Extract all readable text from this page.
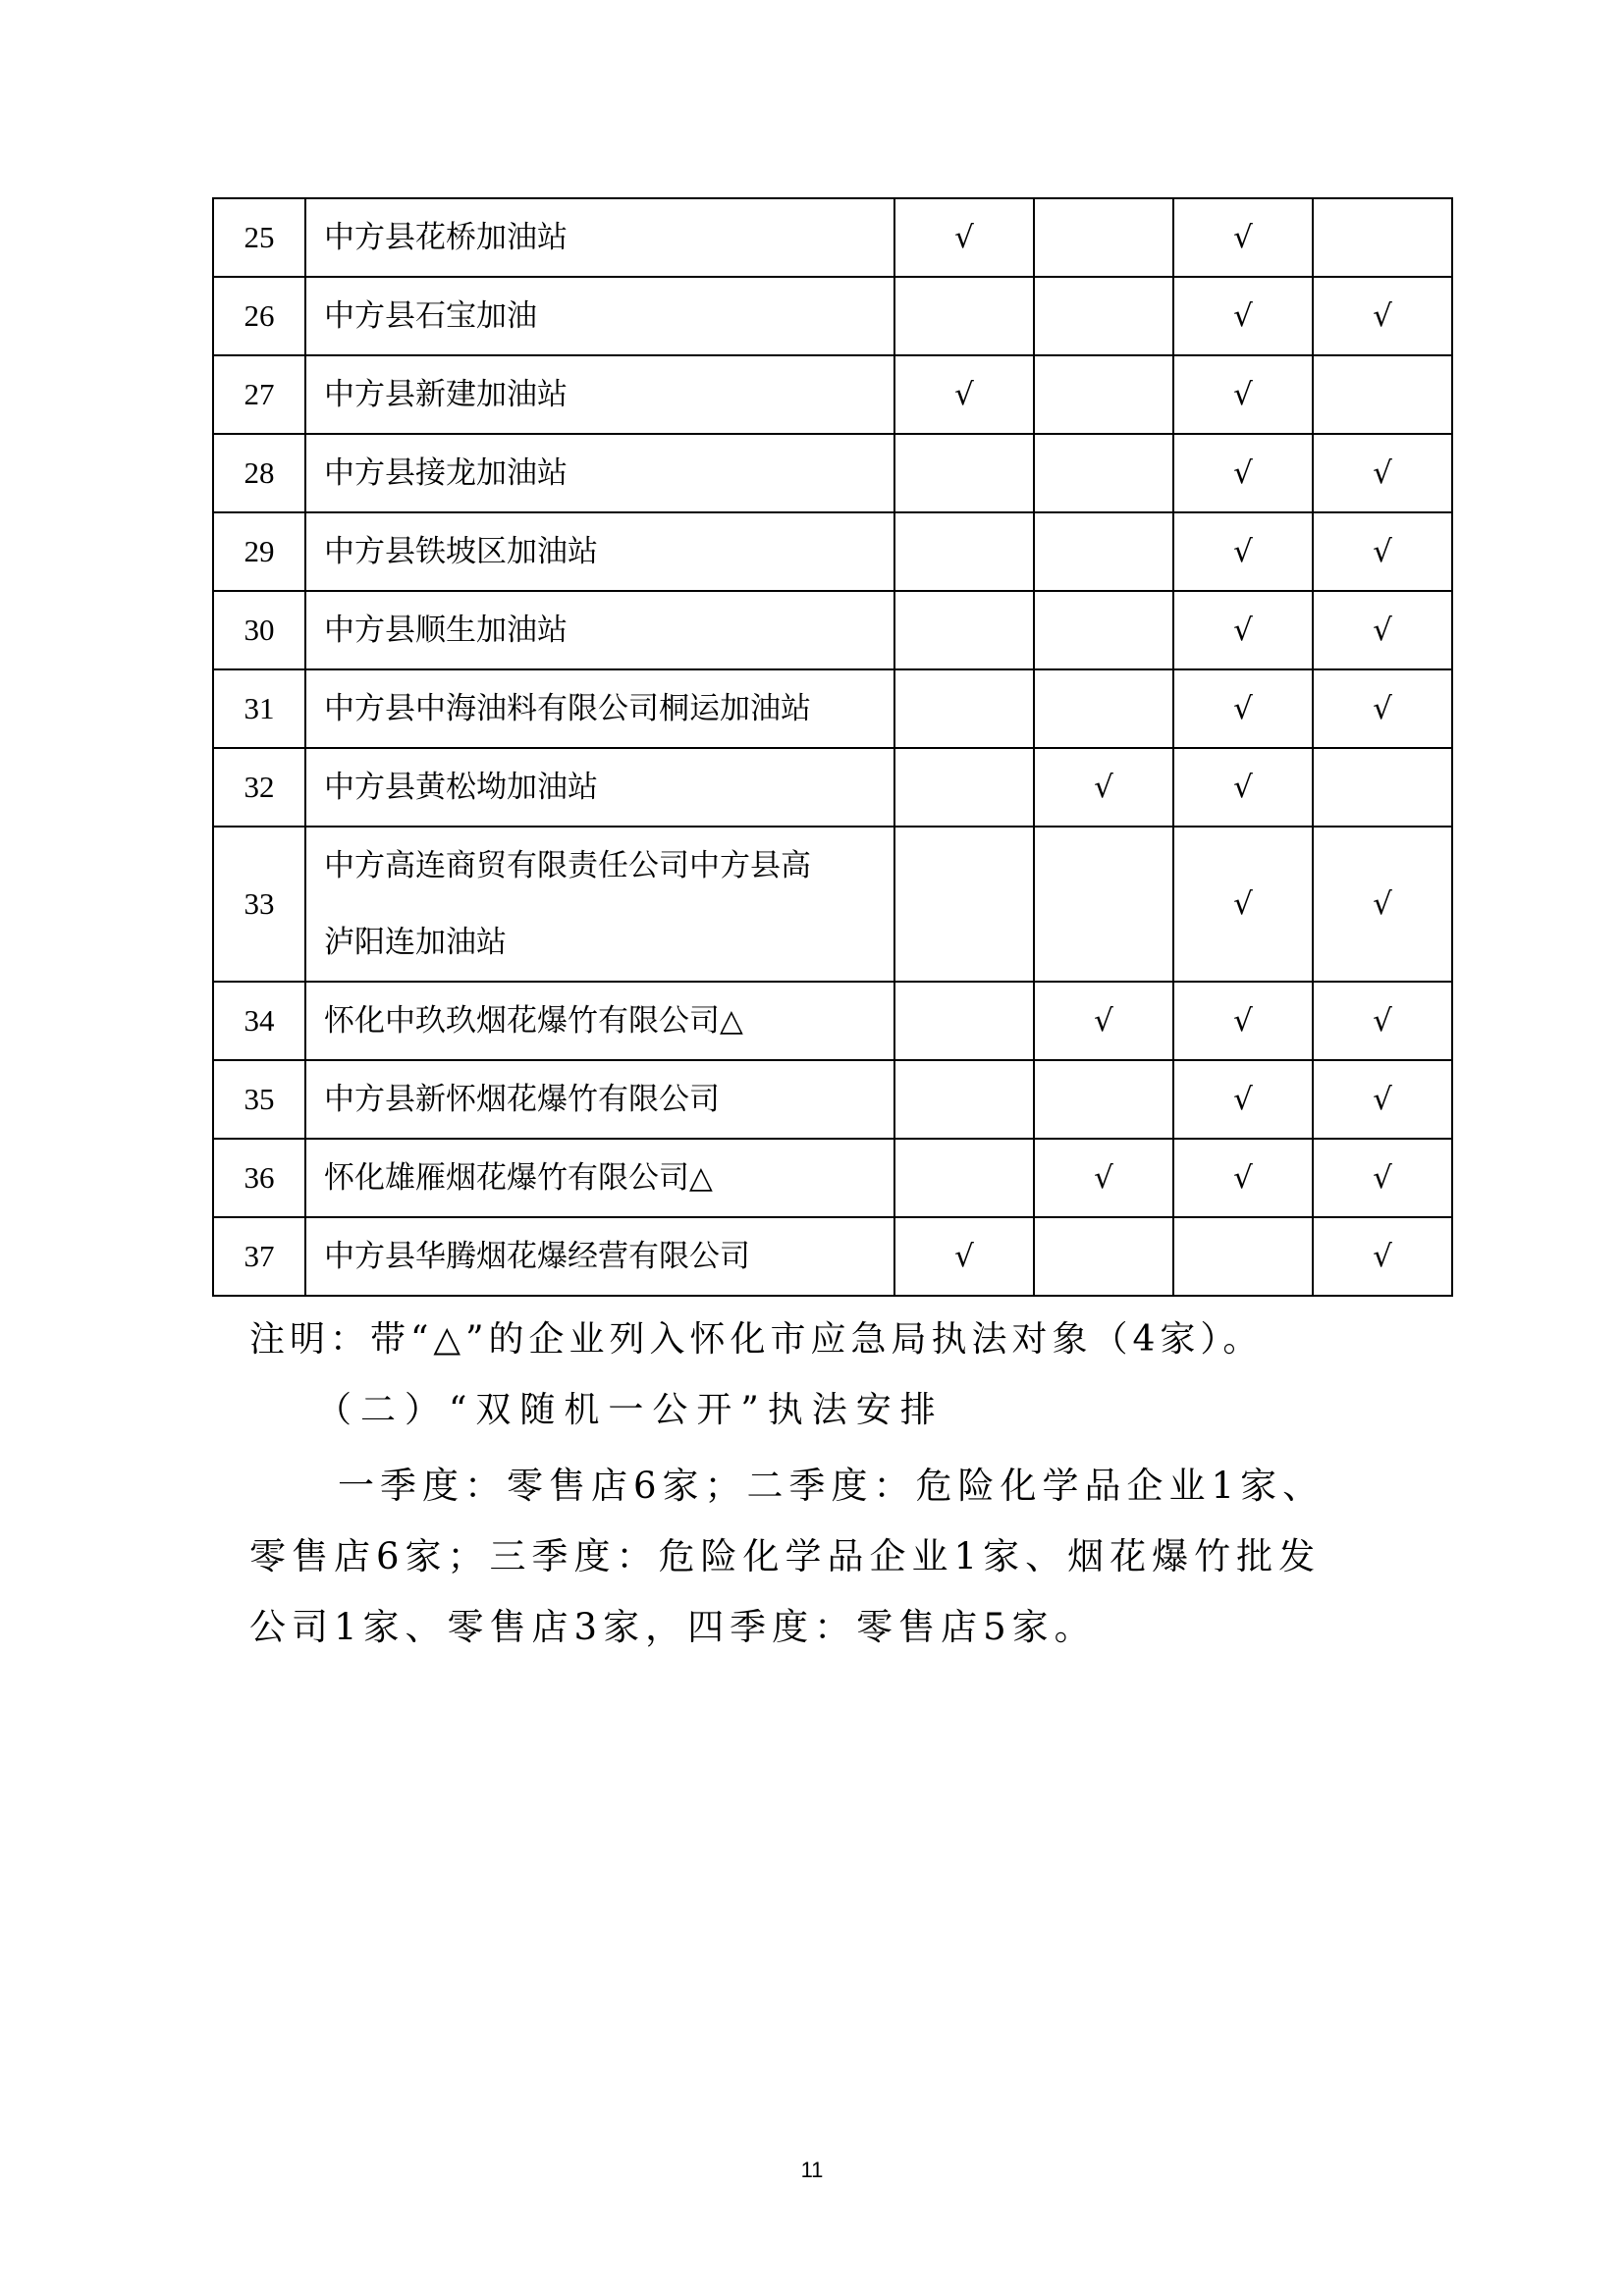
25	中方县花桥加油站	√		√	
26	中方县石宝加油			√	√
27	中方县新建加油站	√		√	
28	中方县接龙加油站			√	√
29	中方县铁坡区加油站			√	√
30	中方县顺生加油站			√	√
31	中方县中海油料有限公司桐运加油站			√	√
32	中方县黄松坳加油站		√	√	
33	中方高连商贸有限责任公司中方县高
泸阳连加油站			√	√
34	怀化中玖玖烟花爆竹有限公司△		√	√	√
35	中方县新怀烟花爆竹有限公司			√	√
36	怀化雄雁烟花爆竹有限公司△		√	√	√
37	中方县华腾烟花爆经营有限公司	√			√
注明：带“△”的企业列入怀化市应急局执法对象（4家）。
（二）“双随机一公开”执法安排
一季度：零售店6家；二季度：危险化学品企业1家、
零售店6家；三季度：危险化学品企业1家、烟花爆竹批发
公司1家、零售店3家，四季度：零售店5家。
11
